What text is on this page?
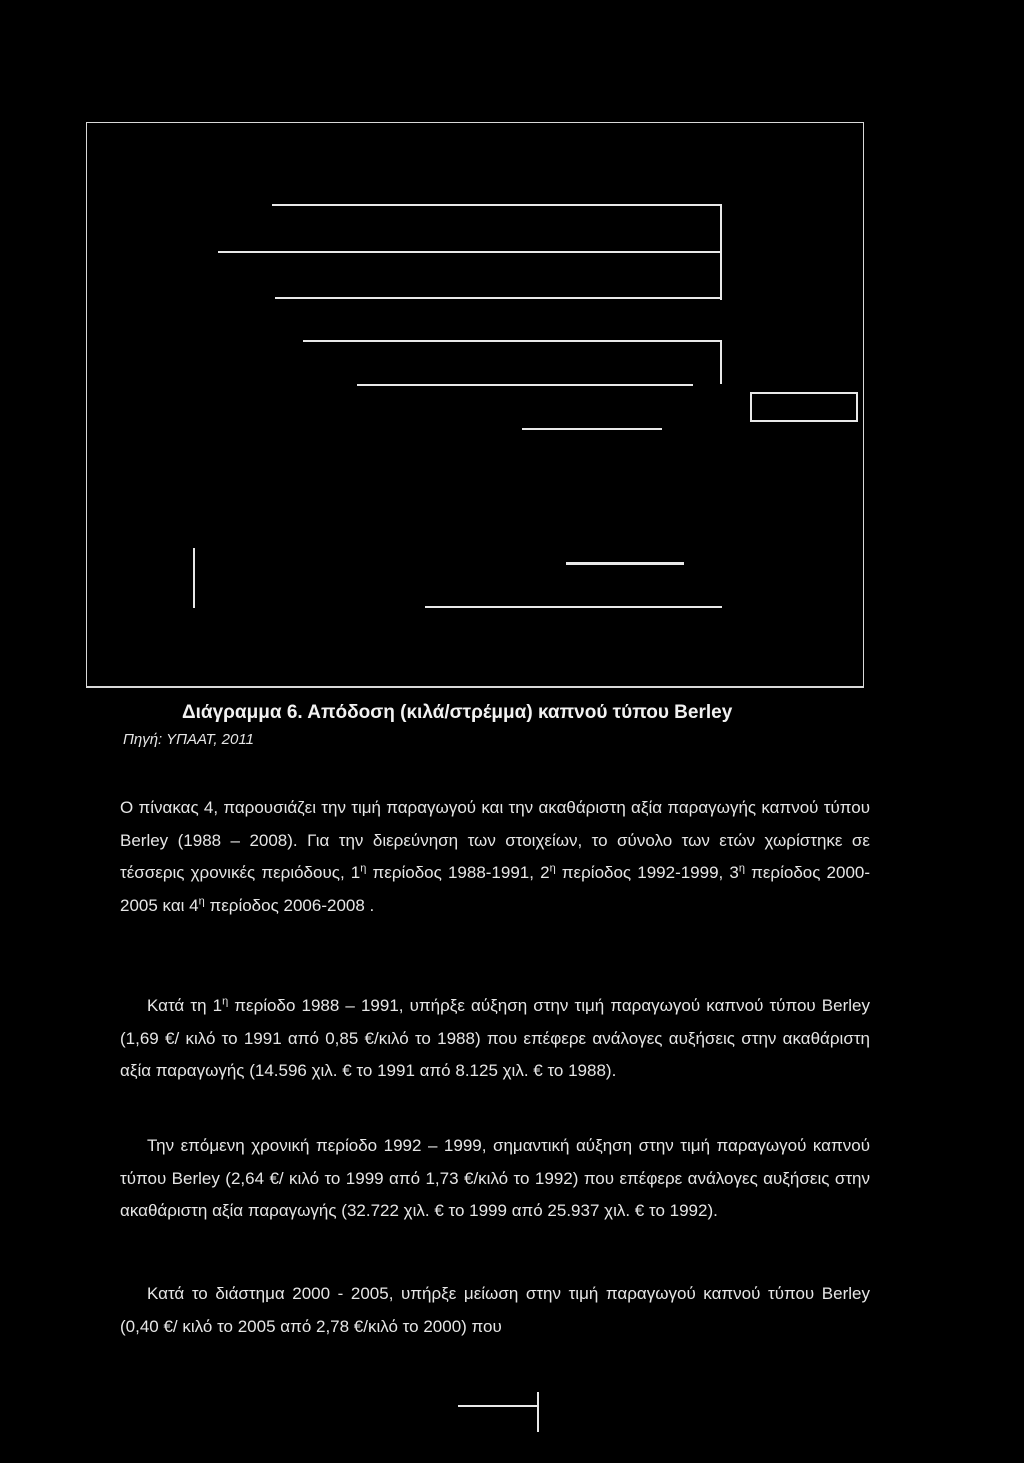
Διάγραμμα 6. Απόδοση (κιλά/στρέμμα) καπνού τύπου Berley
Πηγή: ΥΠΑΑΤ, 2011

Ο πίνακας 4, παρουσιάζει την τιμή παραγωγού και την ακαθάριστη αξία παραγωγής καπνού τύπου Berley (1988 – 2008). Για την διερεύνηση των στοιχείων, το σύνολο των ετών χωρίστηκε σε τέσσερις χρονικές περιόδους, $1^\eta$ περίοδος 1988-1991, $2^\eta$ περίοδος 1992-1999, $3^\eta$ περίοδος 2000-2005 και $4^\eta$ περίοδος 2006-2008 .

Κατά τη $1^\eta$ περίοδο 1988 – 1991, υπήρξε αύξηση στην τιμή παραγωγού καπνού τύπου Berley (1,69 €/ κιλό το 1991 από 0,85 €/κιλό το 1988) που επέφερε ανάλογες αυξήσεις στην ακαθάριστη αξία παραγωγής (14.596 χιλ. € το 1991 από 8.125 χιλ. € το 1988).

Την επόμενη χρονική περίοδο 1992 – 1999, σημαντική αύξηση στην τιμή παραγωγού καπνού τύπου Berley (2,64 €/ κιλό το 1999 από 1,73 €/κιλό το 1992) που επέφερε ανάλογες αυξήσεις στην ακαθάριστη αξία παραγωγής (32.722 χιλ. € το 1999 από 25.937 χιλ. € το 1992).

Κατά το διάστημα 2000 - 2005, υπήρξε μείωση στην τιμή παραγωγού καπνού τύπου Berley (0,40 €/ κιλό το 2005 από 2,78 €/κιλό το 2000) που
